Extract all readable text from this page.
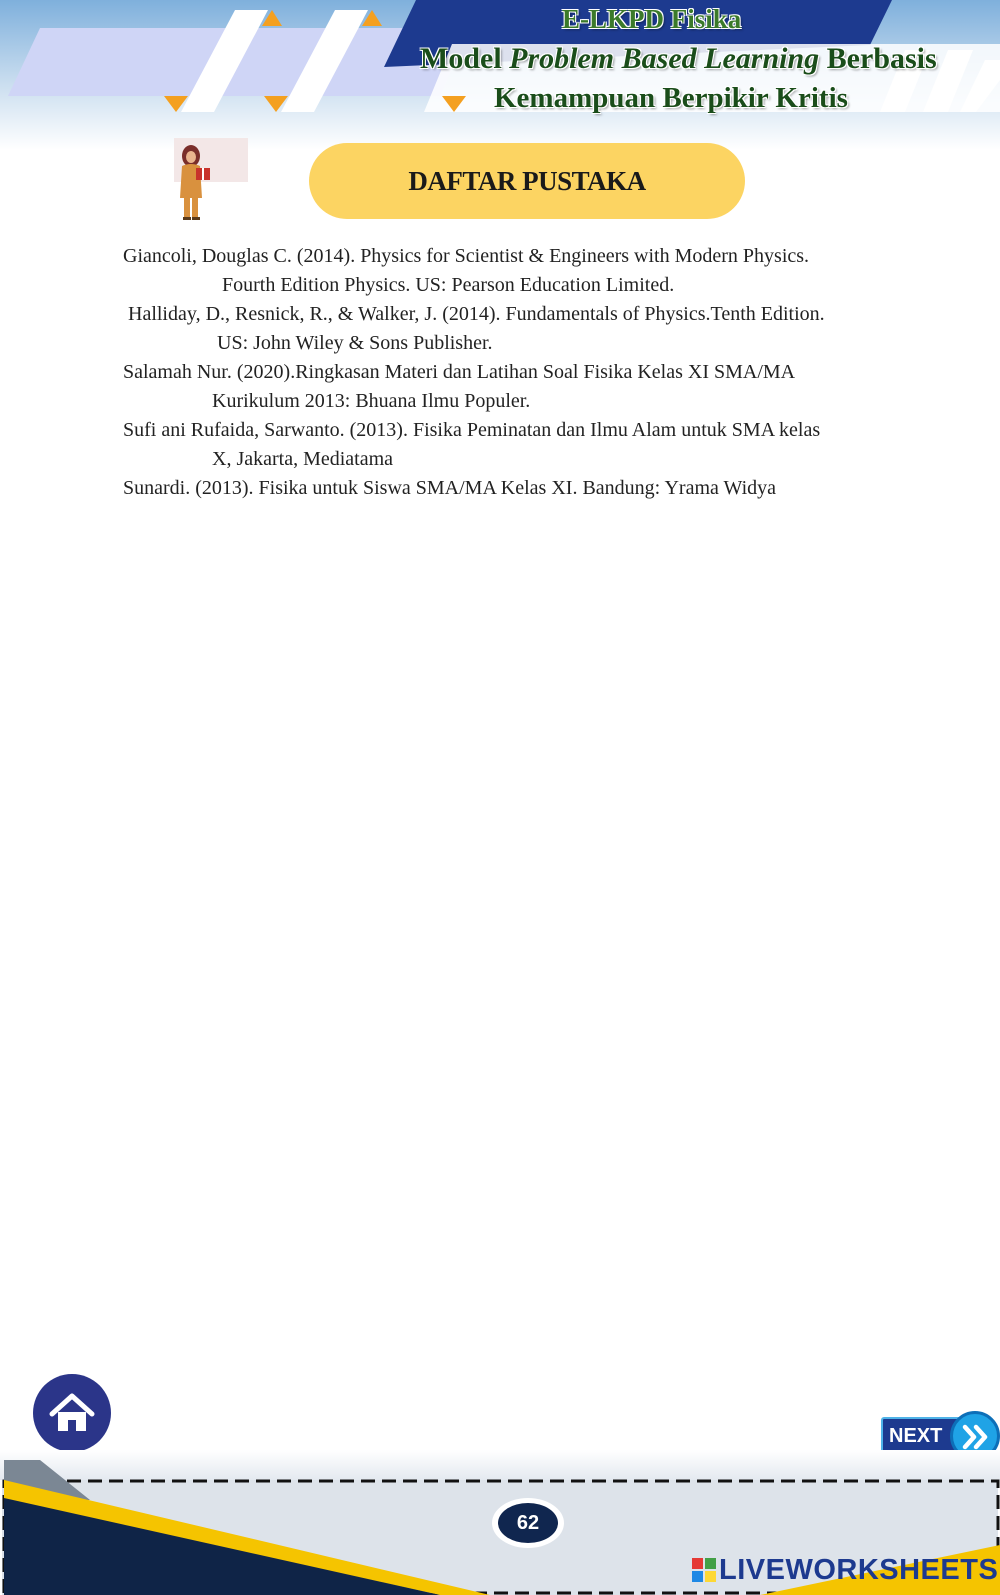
E-LKPD Fisika
Model Problem Based Learning Berbasis
Kemampuan Berpikir Kritis
DAFTAR PUSTAKA
Giancoli, Douglas C. (2014). Physics for Scientist & Engineers with Modern Physics.
Fourth Edition Physics. US: Pearson Education Limited.
Halliday, D., Resnick, R., & Walker, J. (2014). Fundamentals of Physics.Tenth Edition.
US: John Wiley & Sons Publisher.
Salamah Nur. (2020).Ringkasan Materi dan Latihan Soal Fisika Kelas XI SMA/MA
Kurikulum 2013: Bhuana Ilmu Populer.
Sufi ani Rufaida, Sarwanto. (2013). Fisika Peminatan dan Ilmu Alam untuk SMA kelas
X, Jakarta, Mediatama
Sunardi. (2013). Fisika untuk Siswa SMA/MA Kelas XI. Bandung: Yrama Widya
NEXT
62
LIVEWORKSHEETS
